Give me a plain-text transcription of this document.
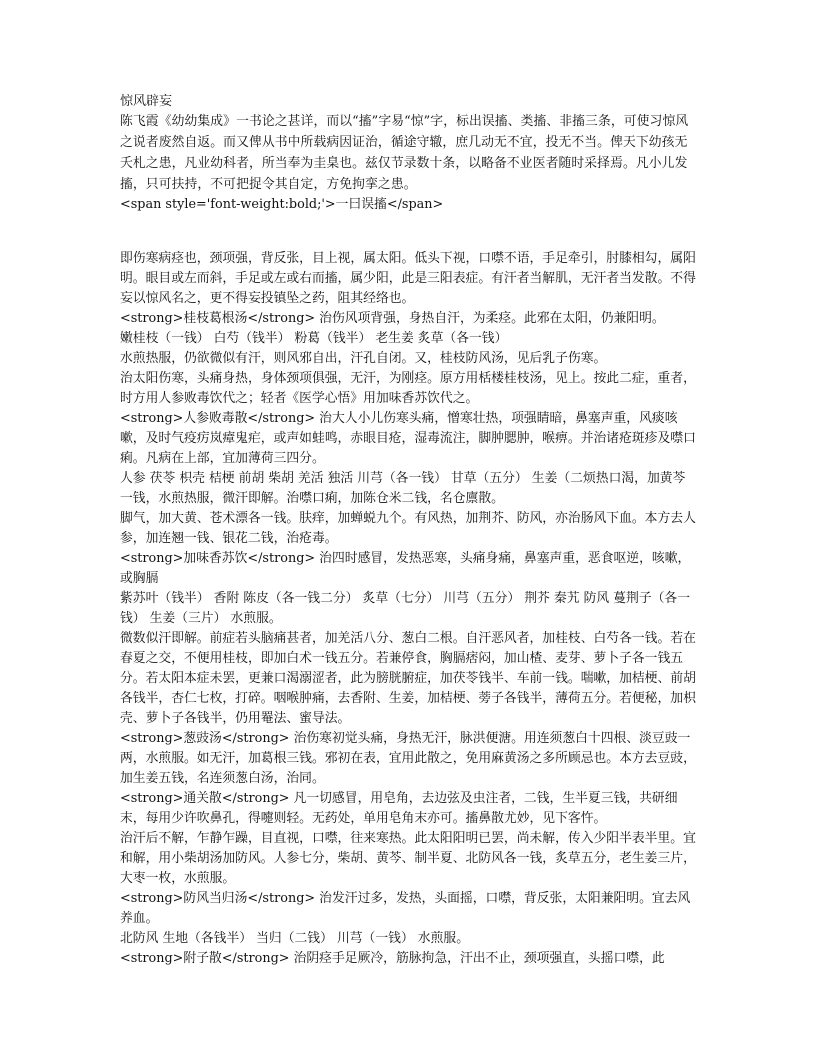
惊风辟妄

陈飞霞《幼幼集成》一书论之甚详，而以“搐”字易“惊”字，标出误搐、类搐、非搐三条，可使习惊风之说者废然自返。而又俾从书中所载病因证治，循途守辙，庶几动无不宜，投无不当。俾天下幼孩无夭札之患，凡业幼科者，所当奉为圭臬也。兹仅节录数十条，以略备不业医者随时采择焉。凡小儿发搐，只可扶持，不可把捉令其自定，方免拘挛之患。

<span style='font-weight:bold;'>一曰误搐</span>

即伤寒病痉也，颈项强，背反张，目上视，属太阳。低头下视，口噤不语，手足牵引，肘膝相勾，属阳明。眼目或左而斜，手足或左或右而搐，属少阳，此是三阳表症。有汗者当解肌，无汗者当发散。不得妄以惊风名之，更不得妄投镇坠之药，阻其经络也。

<strong>桂枝葛根汤</strong> 治伤风项背强，身热自汗，为柔痉。此邪在太阳，仍兼阳明。

嫩桂枝（一钱） 白芍（钱半） 粉葛（钱半） 老生姜 炙草（各一钱）

水煎热服，仍欲微似有汗，则风邪自出，汗孔自闭。又，桂枝防风汤，见后乳子伤寒。

治太阳伤寒，头痛身热，身体颈项俱强，无汗，为刚痉。原方用栝楼桂枝汤，见上。按此二症，重者，时方用人参败毒饮代之；轻者《医学心悟》用加味香苏饮代之。

<strong>人参败毒散</strong> 治大人小儿伤寒头痛，憎寒壮热，项强睛暗，鼻塞声重，风痰咳嗽，及时气疫疠岚瘴鬼疟，或声如蛙鸣，赤眼目疮，湿毒流注，脚肿腮肿，喉痹。并治诸疮斑疹及噤口痢。凡病在上部，宜加薄荷三四分。

人参 茯苓 枳壳 桔梗 前胡 柴胡 羌活 独活 川芎（各一钱） 甘草（五分） 生姜（二烦热口渴，加黄芩一钱，水煎热服，微汗即解。治噤口痢，加陈仓米二钱，名仓廪散。

脚气，加大黄、苍术漂各一钱。肤痒，加蝉蜕九个。有风热，加荆芥、防风，亦治肠风下血。本方去人参，加连翘一钱、银花二钱，治疮毒。

<strong>加味香苏饮</strong> 治四时感冒，发热恶寒，头痛身痛，鼻塞声重，恶食呕逆，咳嗽，或胸膈

紫苏叶（钱半） 香附 陈皮（各一钱二分） 炙草（七分） 川芎（五分） 荆芥 秦艽 防风 蔓荆子（各一钱） 生姜（三片） 水煎服。

微数似汗即解。前症若头脑痛甚者，加羌活八分、葱白二根。自汗恶风者，加桂枝、白芍各一钱。若在春夏之交，不便用桂枝，即加白术一钱五分。若兼停食，胸膈痞闷，加山楂、麦芽、萝卜子各一钱五分。若太阳本症未罢，更兼口渴溺涩者，此为膀胱腑症，加茯苓钱半、车前一钱。喘嗽，加桔梗、前胡各钱半，杏仁七枚，打碎。咽喉肿痛，去香附、生姜，加桔梗、蒡子各钱半，薄荷五分。若便秘，加枳壳、萝卜子各钱半，仍用罨法、蜜导法。

<strong>葱豉汤</strong> 治伤寒初觉头痛，身热无汗，脉洪便溏。用连须葱白十四根、淡豆豉一两，水煎服。如无汗，加葛根三钱。邪初在表，宜用此散之，免用麻黄汤之多所顾忌也。本方去豆豉，加生姜五钱，名连须葱白汤，治同。

<strong>通关散</strong> 凡一切感冒，用皂角，去边弦及虫注者，二钱，生半夏三钱，共研细末，每用少许吹鼻孔，得嚏则轻。无药处，单用皂角末亦可。搐鼻散尤妙，见下客忤。

治汗后不解，乍静乍躁，目直视，口噤，往来寒热。此太阳阳明已罢，尚未解，传入少阳半表半里。宜和解，用小柴胡汤加防风。人参七分，柴胡、黄芩、制半夏、北防风各一钱，炙草五分，老生姜三片，大枣一枚，水煎服。

<strong>防风当归汤</strong> 治发汗过多，发热，头面摇，口噤，背反张，太阳兼阳明。宜去风养血。

北防风 生地（各钱半） 当归（二钱） 川芎（一钱） 水煎服。

<strong>附子散</strong> 治阴痉手足厥冷，筋脉拘急，汗出不止，颈项强直，头摇口噤，此
